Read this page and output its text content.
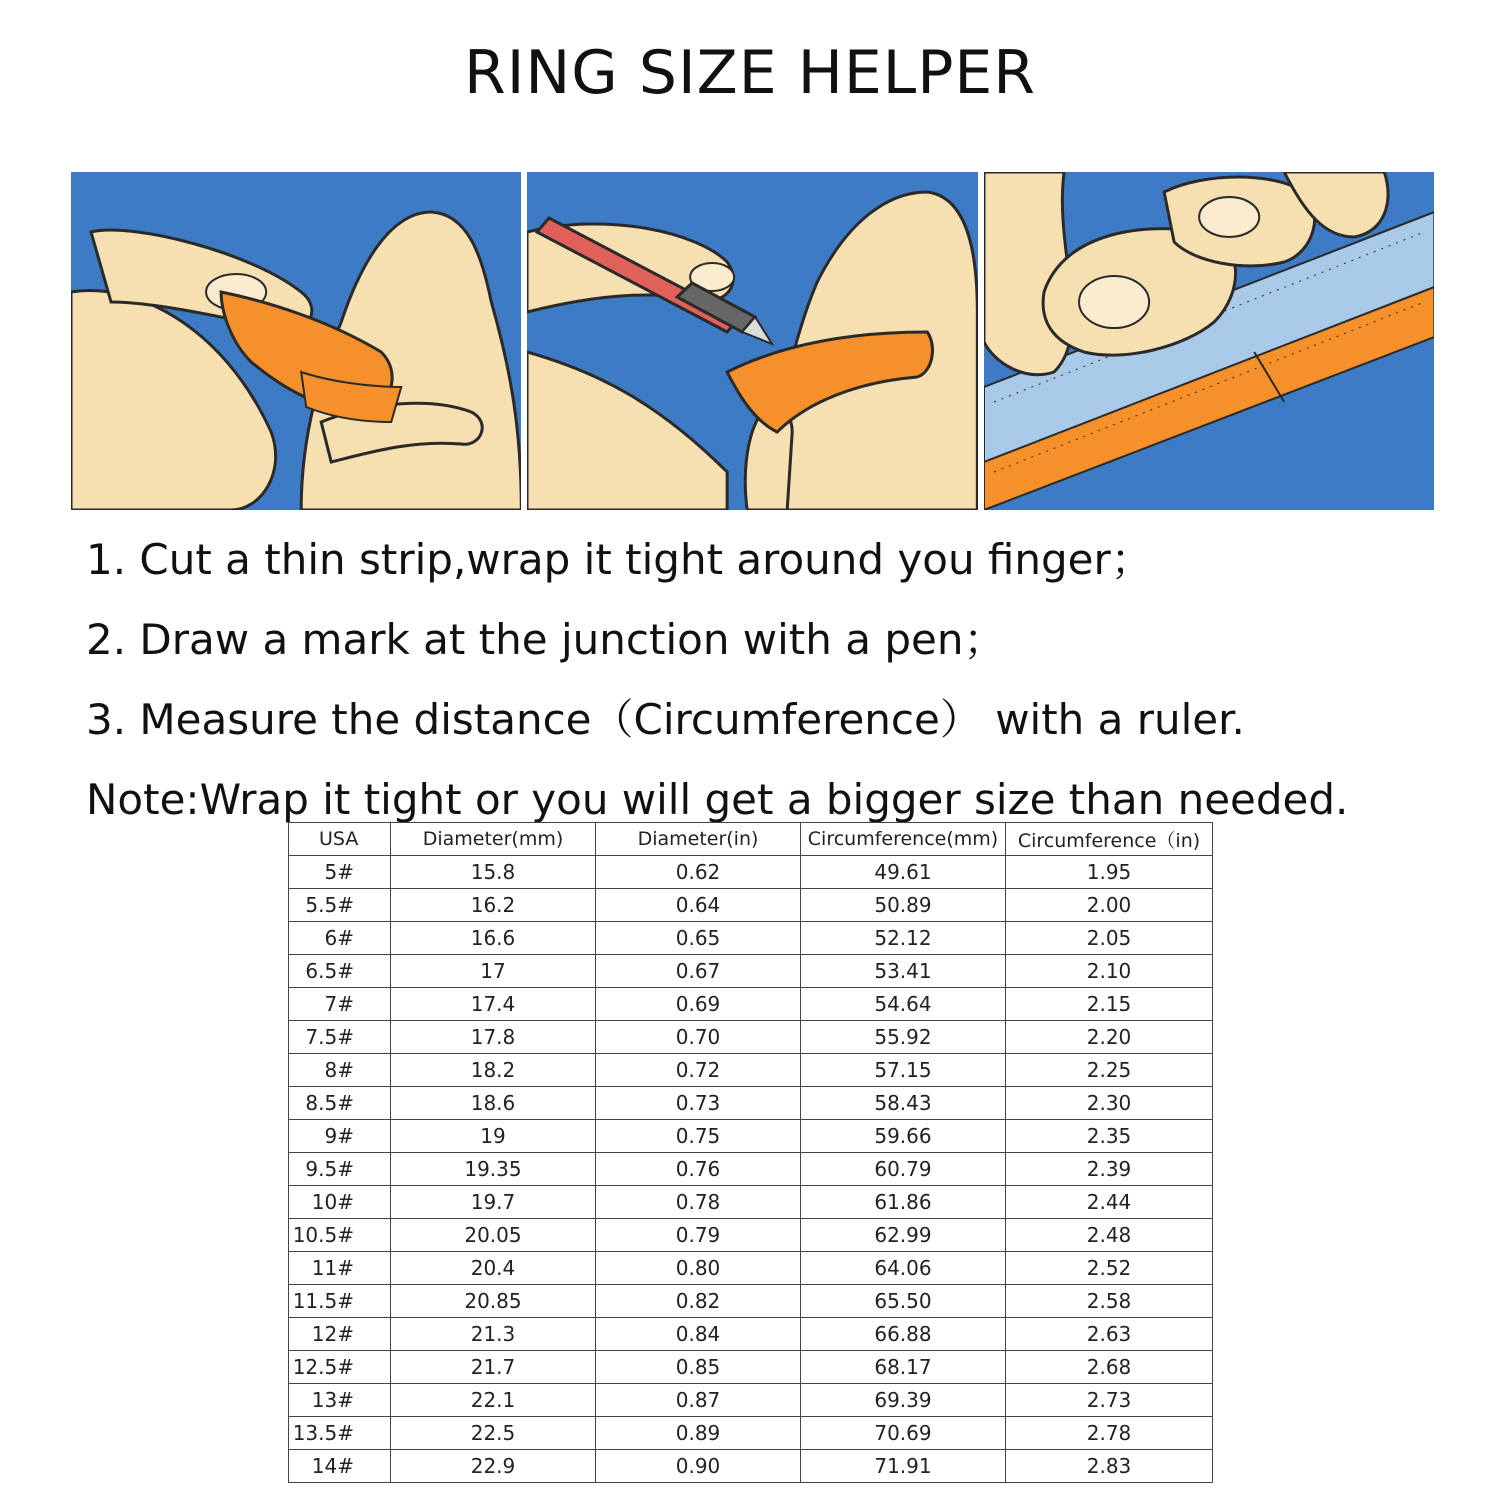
RING SIZE HELPER
1. Cut a thin strip,wrap it tight around you finger；
2. Draw a mark at the junction with a pen；
3. Measure the distance（Circumference） with a ruler.
Note:Wrap it tight or you will get a bigger size than needed.
USA	Diameter(mm)	Diameter(in)	Circumference(mm)	Circumference（in)
5#	15.8	0.62	49.61	1.95
5.5#	16.2	0.64	50.89	2.00
6#	16.6	0.65	52.12	2.05
6.5#	17	0.67	53.41	2.10
7#	17.4	0.69	54.64	2.15
7.5#	17.8	0.70	55.92	2.20
8#	18.2	0.72	57.15	2.25
8.5#	18.6	0.73	58.43	2.30
9#	19	0.75	59.66	2.35
9.5#	19.35	0.76	60.79	2.39
10#	19.7	0.78	61.86	2.44
10.5#	20.05	0.79	62.99	2.48
11#	20.4	0.80	64.06	2.52
11.5#	20.85	0.82	65.50	2.58
12#	21.3	0.84	66.88	2.63
12.5#	21.7	0.85	68.17	2.68
13#	22.1	0.87	69.39	2.73
13.5#	22.5	0.89	70.69	2.78
14#	22.9	0.90	71.91	2.83
